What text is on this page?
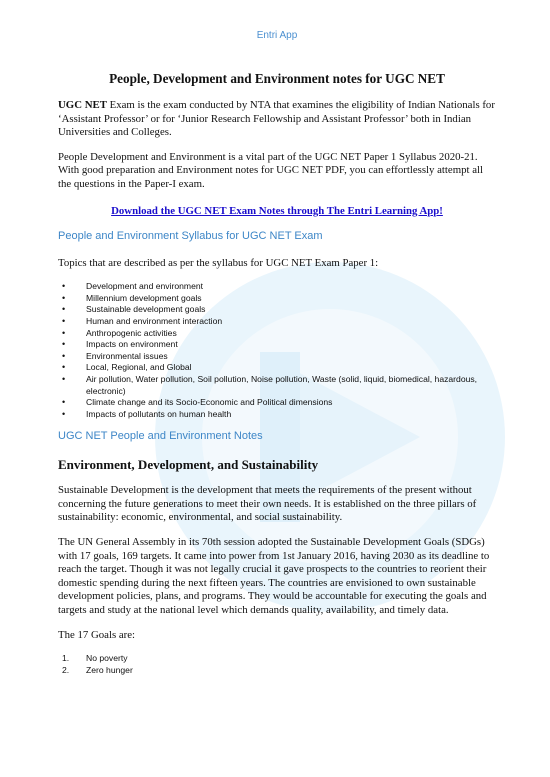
Entri App
People, Development and Environment notes for UGC NET

UGC NET Exam is the exam conducted by NTA that examines the eligibility of Indian Nationals for ‘Assistant Professor’ or for ‘Junior Research Fellowship and Assistant Professor’ both in Indian Universities and Colleges.

People Development and Environment is a vital part of the UGC NET Paper 1 Syllabus 2020-21. With good preparation and Environment notes for UGC NET PDF, you can effortlessly attempt all the questions in the Paper-I exam.

Download the UGC NET Exam Notes through The Entri Learning App!
People and Environment Syllabus for UGC NET Exam

Topics that are described as per the syllabus for UGC NET Exam Paper 1:

• Development and environment
• Millennium development goals
• Sustainable development goals
• Human and environment interaction
• Anthropogenic activities
• Impacts on environment
• Environmental issues
• Local, Regional, and Global
• Air pollution, Water pollution, Soil pollution, Noise pollution, Waste (solid, liquid, biomedical, hazardous, electronic)
• Climate change and its Socio-Economic and Political dimensions
• Impacts of pollutants on human health
UGC NET People and Environment Notes
Environment, Development, and Sustainability

Sustainable Development is the development that meets the requirements of the present without concerning the future generations to meet their own needs. It is established on the three pillars of sustainability: economic, environmental, and social sustainability.

The UN General Assembly in its 70th session adopted the Sustainable Development Goals (SDGs) with 17 goals, 169 targets. It came into power from 1st January 2016, having 2030 as its deadline to reach the target. Though it was not legally crucial it gave prospects to the countries to reorient their domestic spending during the next fifteen years. The countries are envisioned to own sustainable development policies, plans, and programs. They would be accountable for executing the goals and targets and study at the national level which demands quality, availability, and timely data.

The 17 Goals are:

1. No poverty
2. Zero hunger
